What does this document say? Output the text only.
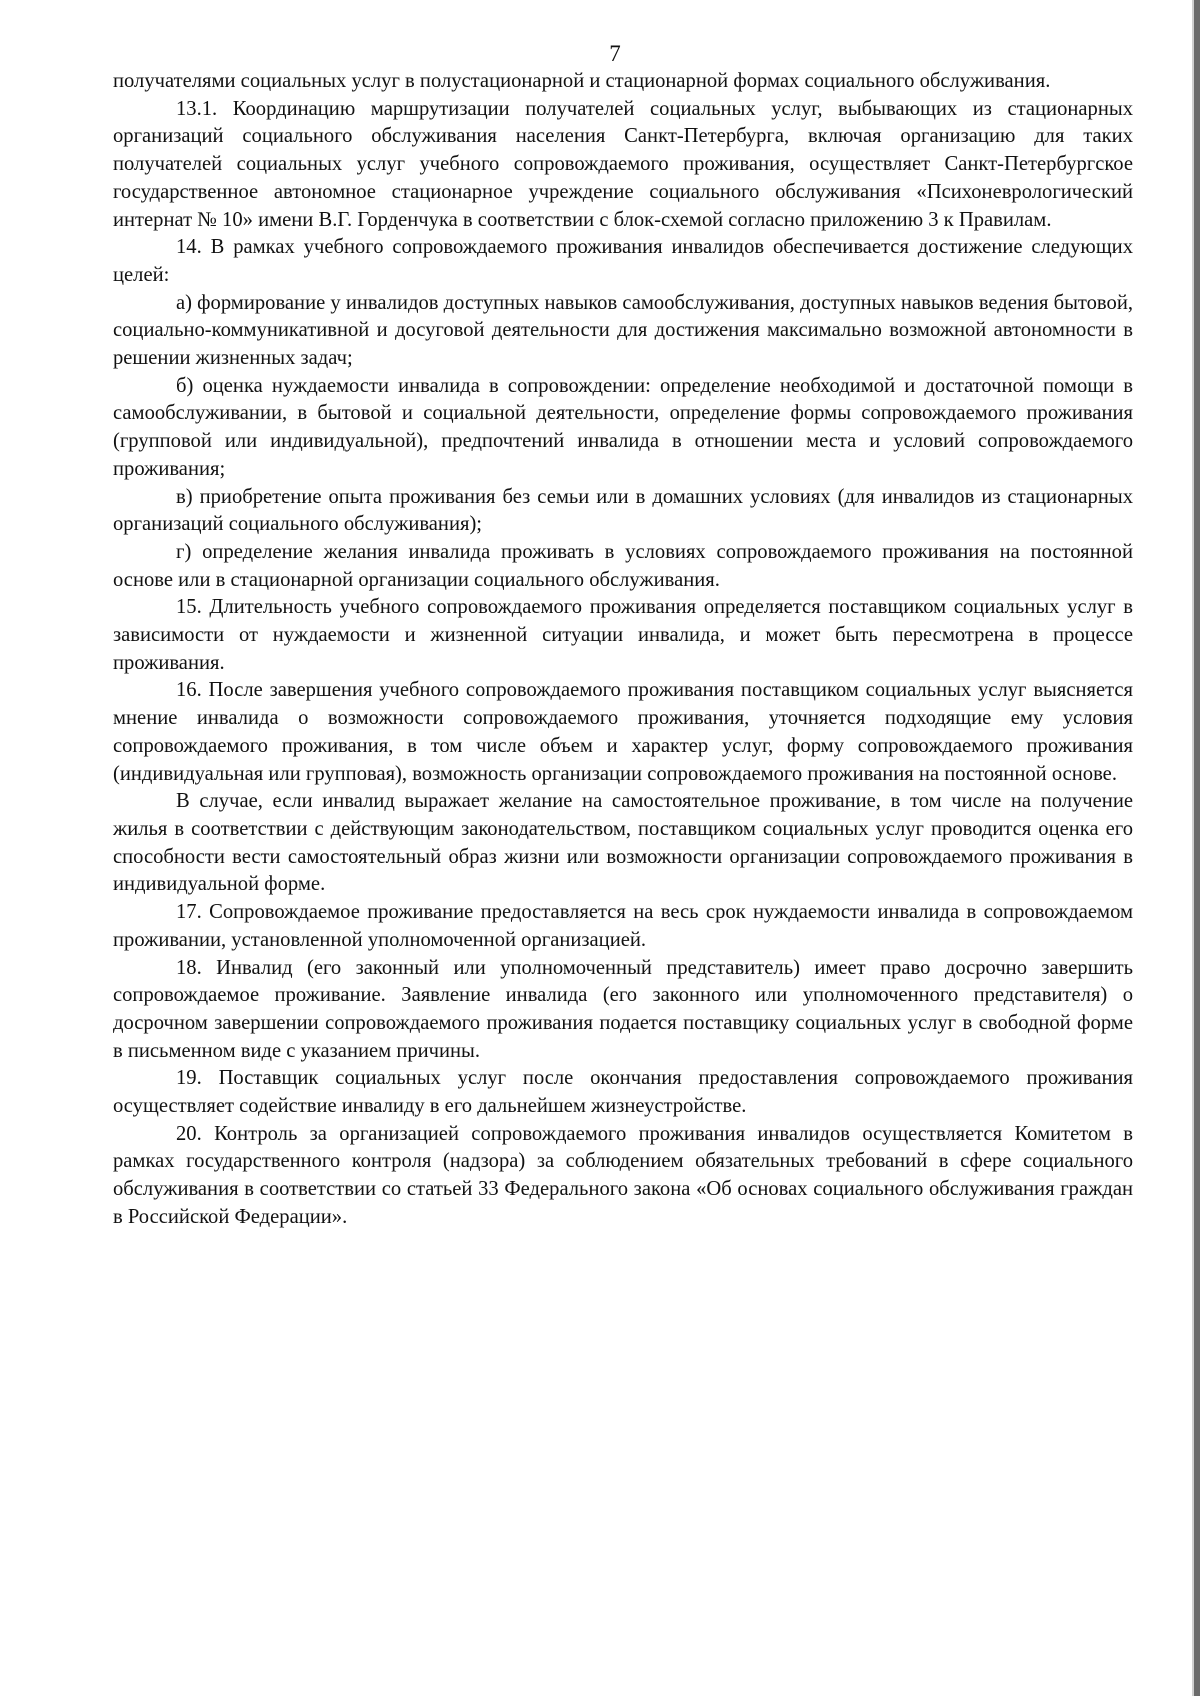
7

получателями социальных услуг в полустационарной и стационарной формах социального обслуживания.

13.1. Координацию маршрутизации получателей социальных услуг, выбывающих из стационарных организаций социального обслуживания населения Санкт-Петербурга, включая организацию для таких получателей социальных услуг учебного сопровождаемого проживания, осуществляет Санкт-Петербургское государственное автономное стационарное учреждение социального обслуживания «Психоневрологический интернат № 10» имени В.Г. Горденчука в соответствии с блок-схемой согласно приложению 3 к Правилам.

14. В рамках учебного сопровождаемого проживания инвалидов обеспечивается достижение следующих целей:

а) формирование у инвалидов доступных навыков самообслуживания, доступных навыков ведения бытовой, социально-коммуникативной и досуговой деятельности для достижения максимально возможной автономности в решении жизненных задач;

б) оценка нуждаемости инвалида в сопровождении: определение необходимой и достаточной помощи в самообслуживании, в бытовой и социальной деятельности, определение формы сопровождаемого проживания (групповой или индивидуальной), предпочтений инвалида в отношении места и условий сопровождаемого проживания;

в) приобретение опыта проживания без семьи или в домашних условиях (для инвалидов из стационарных организаций социального обслуживания);

г) определение желания инвалида проживать в условиях сопровождаемого проживания на постоянной основе или в стационарной организации социального обслуживания.

15. Длительность учебного сопровождаемого проживания определяется поставщиком социальных услуг в зависимости от нуждаемости и жизненной ситуации инвалида, и может быть пересмотрена в процессе проживания.

16. После завершения учебного сопровождаемого проживания поставщиком социальных услуг выясняется мнение инвалида о возможности сопровождаемого проживания, уточняется подходящие ему условия сопровождаемого проживания, в том числе объем и характер услуг, форму сопровождаемого проживания (индивидуальная или групповая), возможность организации сопровождаемого проживания на постоянной основе.

В случае, если инвалид выражает желание на самостоятельное проживание, в том числе на получение жилья в соответствии с действующим законодательством, поставщиком социальных услуг проводится оценка его способности вести самостоятельный образ жизни или возможности организации сопровождаемого проживания в индивидуальной форме.

17. Сопровождаемое проживание предоставляется на весь срок нуждаемости инвалида в сопровождаемом проживании, установленной уполномоченной организацией.

18. Инвалид (его законный или уполномоченный представитель) имеет право досрочно завершить сопровождаемое проживание. Заявление инвалида (его законного или уполномоченного представителя) о досрочном завершении сопровождаемого проживания подается поставщику социальных услуг в свободной форме в письменном виде с указанием причины.

19. Поставщик социальных услуг после окончания предоставления сопровождаемого проживания осуществляет содействие инвалиду в его дальнейшем жизнеустройстве.

20. Контроль за организацией сопровождаемого проживания инвалидов осуществляется Комитетом в рамках государственного контроля (надзора) за соблюдением обязательных требований в сфере социального обслуживания в соответствии со статьей 33 Федерального закона «Об основах социального обслуживания граждан в Российской Федерации».
